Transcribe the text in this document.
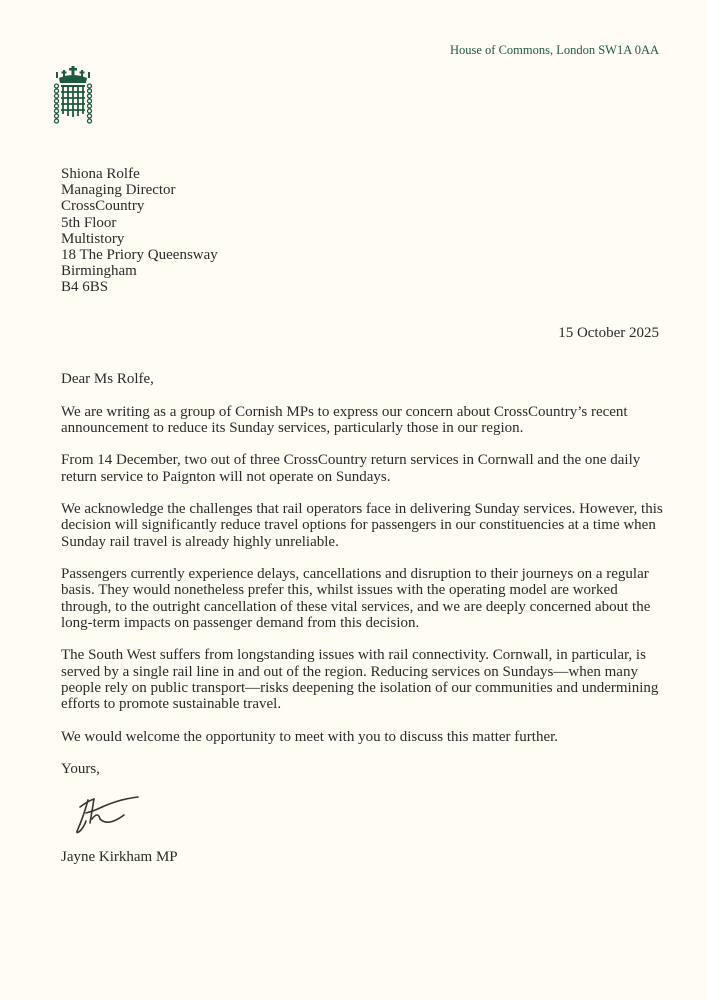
House of Commons, London SW1A 0AA
Shiona Rolfe
Managing Director
CrossCountry
5th Floor
Multistory
18 The Priory Queensway
Birmingham
B4 6BS
15 October 2025
Dear Ms Rolfe,

We are writing as a group of Cornish MPs to express our concern about CrossCountry’s recent announcement to reduce its Sunday services, particularly those in our region.

From 14 December, two out of three CrossCountry return services in Cornwall and the one daily return service to Paignton will not operate on Sundays.

We acknowledge the challenges that rail operators face in delivering Sunday services. However, this decision will significantly reduce travel options for passengers in our constituencies at a time when Sunday rail travel is already highly unreliable.

Passengers currently experience delays, cancellations and disruption to their journeys on a regular basis. They would nonetheless prefer this, whilst issues with the operating model are worked through, to the outright cancellation of these vital services, and we are deeply concerned about the long-term impacts on passenger demand from this decision.

The South West suffers from longstanding issues with rail connectivity. Cornwall, in particular, is served by a single rail line in and out of the region. Reducing services on Sundays—when many people rely on public transport—risks deepening the isolation of our communities and undermining efforts to promote sustainable travel.

We would welcome the opportunity to meet with you to discuss this matter further.

Yours,

Jayne Kirkham MP
